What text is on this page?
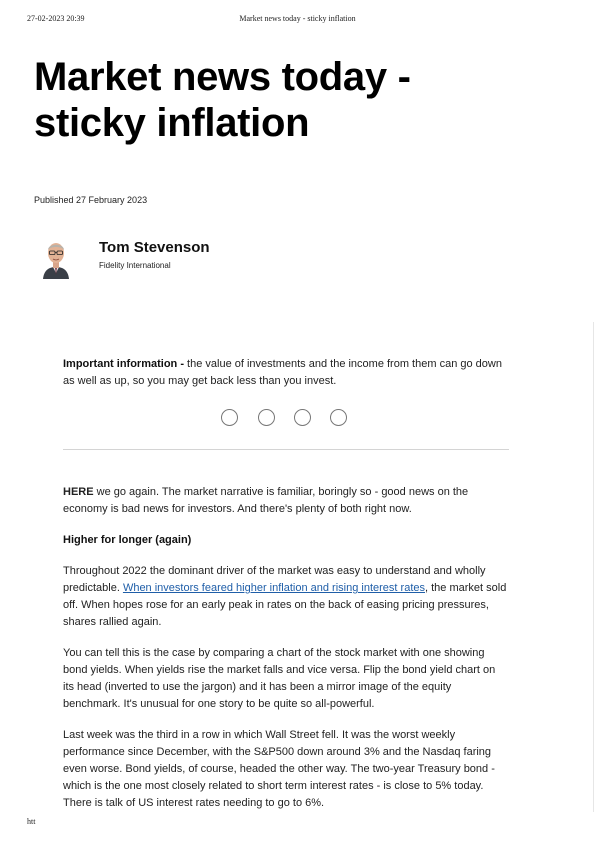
27-02-2023 20:39	Market news today - sticky inflation
Market news today -
sticky inflation
Published 27 February 2023
Tom Stevenson
Fidelity International

Important information - the value of investments and the income from them can go down as well as up, so you may get back less than you invest.

HERE we go again. The market narrative is familiar, boringly so - good news on the economy is bad news for investors. And there's plenty of both right now.

Higher for longer (again)

Throughout 2022 the dominant driver of the market was easy to understand and wholly predictable. When investors feared higher inflation and rising interest rates, the market sold off. When hopes rose for an early peak in rates on the back of easing pricing pressures, shares rallied again.

You can tell this is the case by comparing a chart of the stock market with one showing bond yields. When yields rise the market falls and vice versa. Flip the bond yield chart on its head (inverted to use the jargon) and it has been a mirror image of the equity benchmark. It's unusual for one story to be quite so all-powerful.

Last week was the third in a row in which Wall Street fell. It was the worst weekly performance since December, with the S&P500 down around 3% and the Nasdaq faring even worse. Bond yields, of course, headed the other way. The two-year Treasury bond - which is the one most closely related to short term interest rates - is close to 5% today. There is talk of US interest rates needing to go to 6%.

htt
